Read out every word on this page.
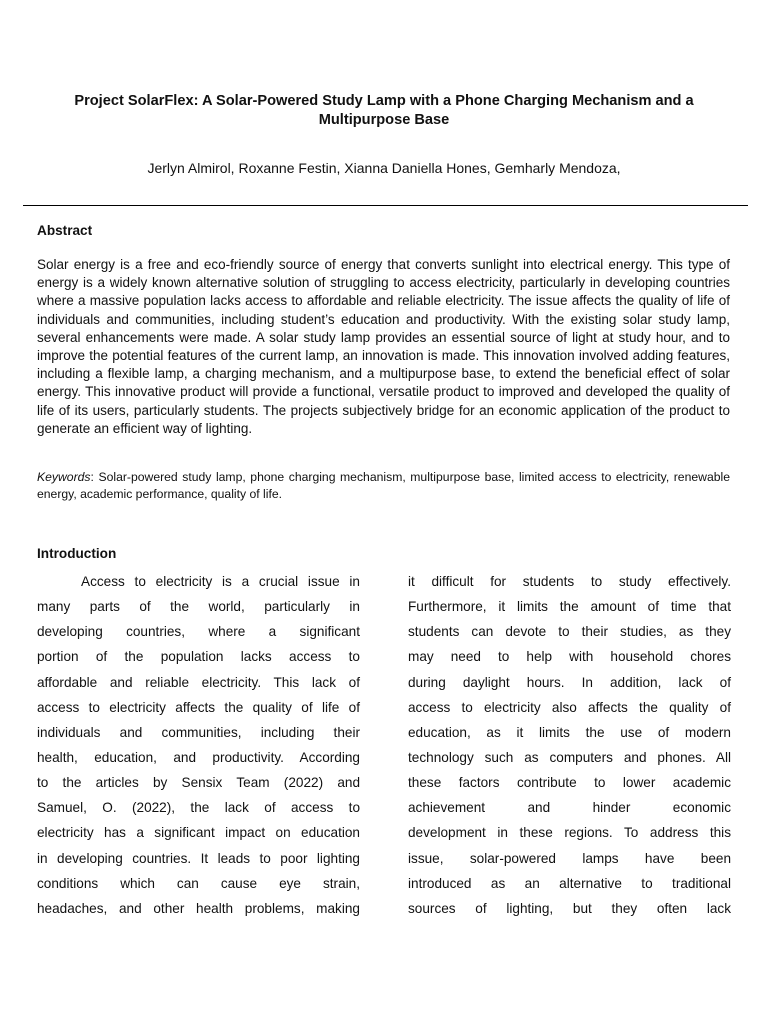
Project SolarFlex: A Solar-Powered Study Lamp with a Phone Charging Mechanism and a Multipurpose Base
Jerlyn Almirol, Roxanne Festin, Xianna Daniella Hones, Gemharly Mendoza,
Abstract

Solar energy is a free and eco-friendly source of energy that converts sunlight into electrical energy. This type of energy is a widely known alternative solution of struggling to access electricity, particularly in developing countries where a massive population lacks access to affordable and reliable electricity. The issue affects the quality of life of individuals and communities, including student’s education and productivity. With the existing solar study lamp, several enhancements were made. A solar study lamp provides an essential source of light at study hour, and to improve the potential features of the current lamp, an innovation is made. This innovation involved adding features, including a flexible lamp, a charging mechanism, and a multipurpose base, to extend the beneficial effect of solar energy. This innovative product will provide a functional, versatile product to improved and developed the quality of life of its users, particularly students. The projects subjectively bridge for an economic application of the product to generate an efficient way of lighting.

Keywords: Solar-powered study lamp, phone charging mechanism, multipurpose base, limited access to electricity, renewable energy, academic performance, quality of life.

Introduction
Access to electricity is a crucial issue in
many parts of the world, particularly in
developing countries, where a significant
portion of the population lacks access to
affordable and reliable electricity. This lack of
access to electricity affects the quality of life of
individuals and communities, including their
health, education, and productivity. According
to the articles by Sensix Team (2022) and
Samuel, O. (2022), the lack of access to
electricity has a significant impact on education
in developing countries. It leads to poor lighting
conditions which can cause eye strain,
headaches, and other health problems, making
it difficult for students to study effectively.
Furthermore, it limits the amount of time that
students can devote to their studies, as they
may need to help with household chores
during daylight hours. In addition, lack of
access to electricity also affects the quality of
education, as it limits the use of modern
technology such as computers and phones. All
these factors contribute to lower academic
achievement and hinder economic
development in these regions. To address this
issue, solar-powered lamps have been
introduced as an alternative to traditional
sources of lighting, but they often lack
